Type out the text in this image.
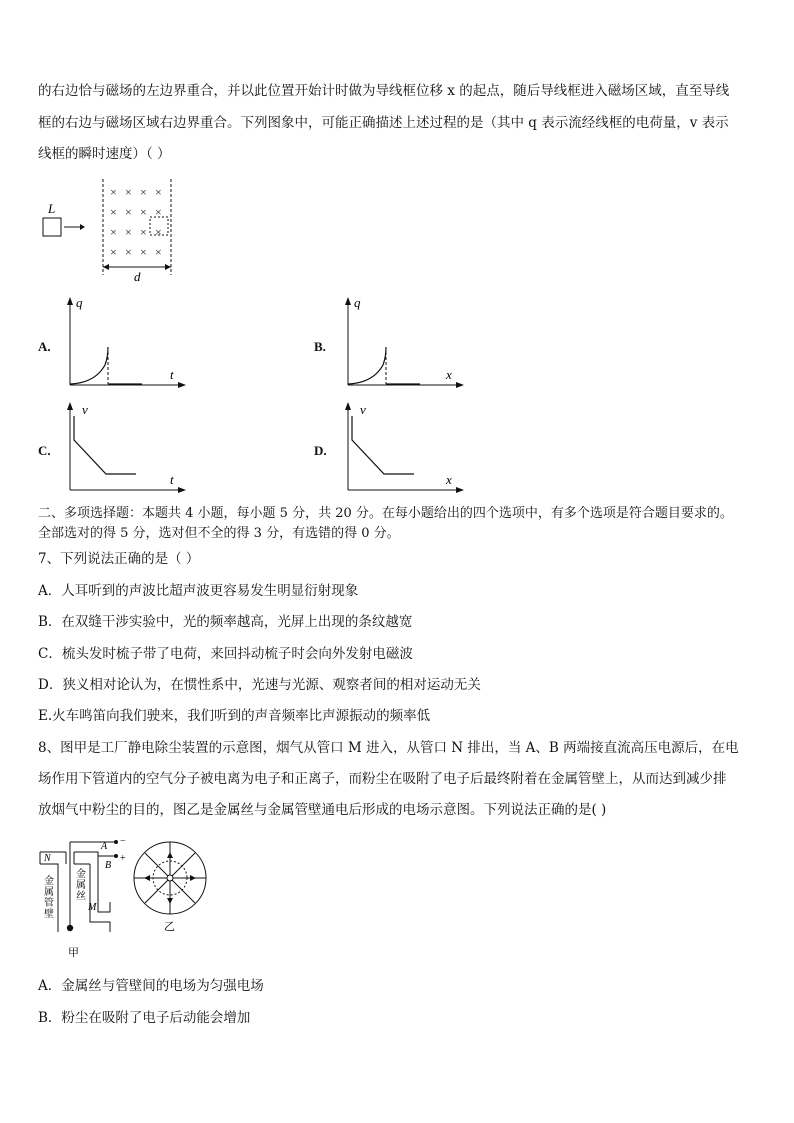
的右边恰与磁场的左边界重合，并以此位置开始计时做为导线框位移 x 的起点，随后导线框进入磁场区域，直至导线
框的右边与磁场区域右边界重合。下列图象中，可能正确描述上述过程的是（其中 q 表示流经线框的电荷量，v 表示
线框的瞬时速度）（ ）
L
× × × ×
× × × ×
× × × ×
× × × ×
d
A.
q
t
B.
q
x
C.
v
t
D.
v
x
二、多项选择题：本题共 4 小题，每小题 5 分，共 20 分。在每小题给出的四个选项中，有多个选项是符合题目要求的。
全部选对的得 5 分，选对但不全的得 3 分，有选错的得 0 分。
7、下列说法正确的是（ ）
A．人耳听到的声波比超声波更容易发生明显衍射现象
B．在双缝干涉实验中，光的频率越高，光屏上出现的条纹越宽
C．梳头发时梳子带了电荷，来回抖动梳子时会向外发射电磁波
D．狭义相对论认为，在惯性系中，光速与光源、观察者间的相对运动无关
E.火车鸣笛向我们驶来，我们听到的声音频率比声源振动的频率低
8、图甲是工厂静电除尘装置的示意图，烟气从管口 M 进入，从管口 N 排出，当 A、B 两端接直流高压电源后，在电
场作用下管道内的空气分子被电离为电子和正离子，而粉尘在吸附了电子后最终附着在金属管壁上，从而达到减少排
放烟气中粉尘的目的，图乙是金属丝与金属管壁通电后形成的电场示意图。下列说法正确的是( )
N
M
A
B
−
+
金属管壁
金属丝
甲
乙
A．金属丝与管壁间的电场为匀强电场
B．粉尘在吸附了电子后动能会增加
